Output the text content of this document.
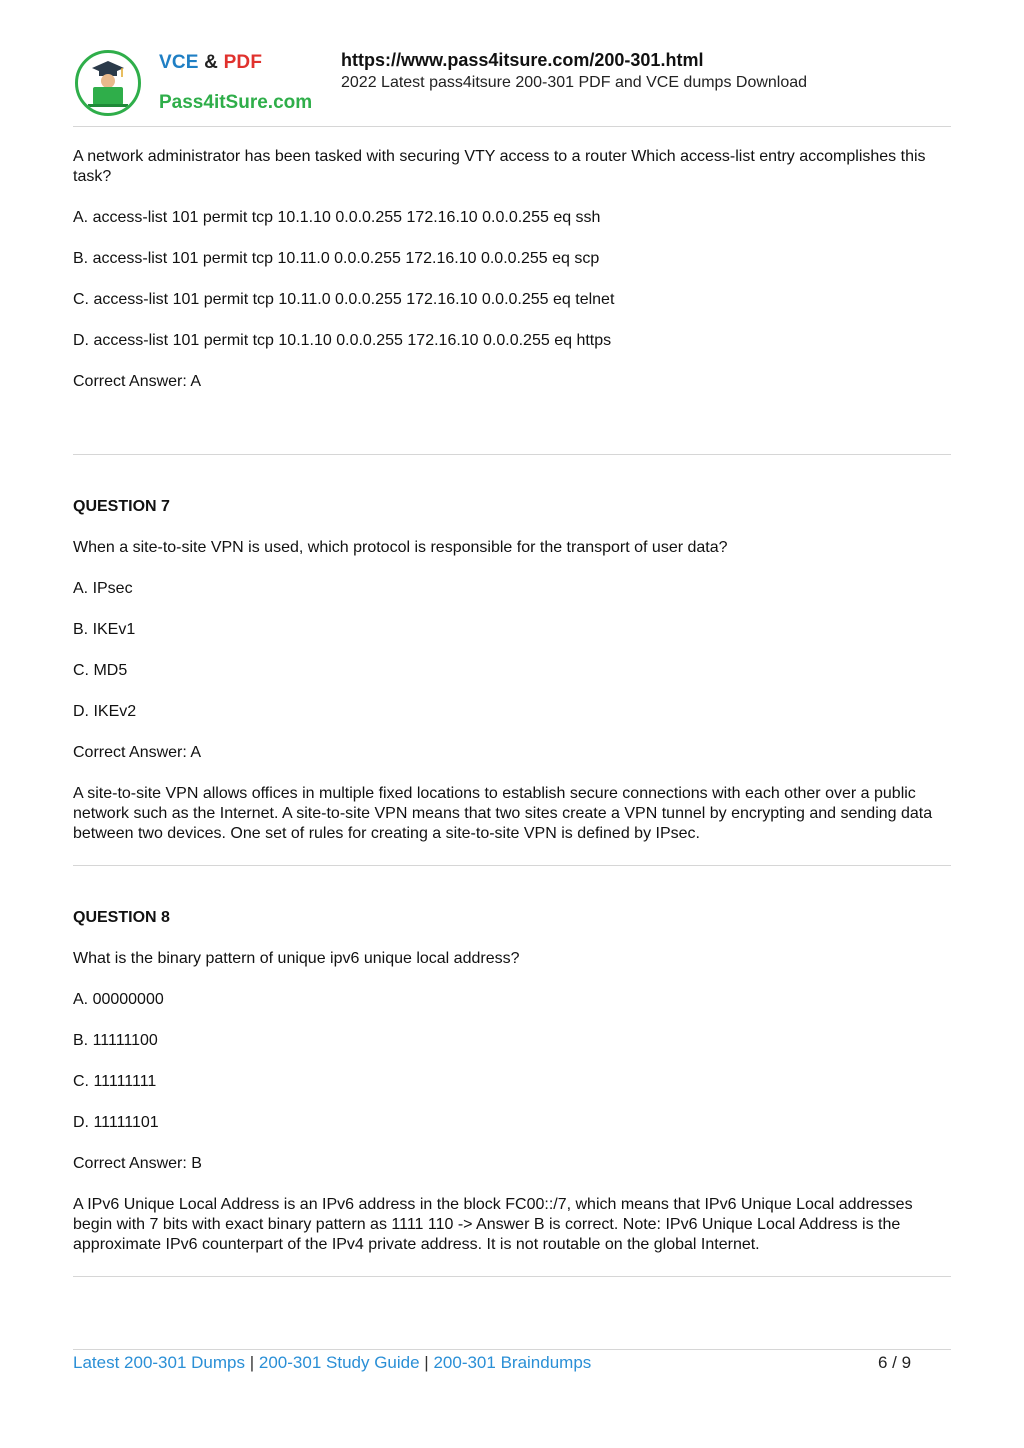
VCE & PDF
Pass4itSure.com
https://www.pass4itsure.com/200-301.html
2022 Latest pass4itsure 200-301 PDF and VCE dumps Download

A network administrator has been tasked with securing VTY access to a router Which access-list entry accomplishes this task?

A. access-list 101 permit tcp 10.1.10 0.0.0.255 172.16.10 0.0.0.255 eq ssh

B. access-list 101 permit tcp 10.11.0 0.0.0.255 172.16.10 0.0.0.255 eq scp

C. access-list 101 permit tcp 10.11.0 0.0.0.255 172.16.10 0.0.0.255 eq telnet

D. access-list 101 permit tcp 10.1.10 0.0.0.255 172.16.10 0.0.0.255 eq https

Correct Answer: A

QUESTION 7

When a site-to-site VPN is used, which protocol is responsible for the transport of user data?

A. IPsec

B. IKEv1

C. MD5

D. IKEv2

Correct Answer: A

A site-to-site VPN allows offices in multiple fixed locations to establish secure connections with each other over a public network such as the Internet. A site-to-site VPN means that two sites create a VPN tunnel by encrypting and sending data between two devices. One set of rules for creating a site-to-site VPN is defined by IPsec.

QUESTION 8

What is the binary pattern of unique ipv6 unique local address?

A. 00000000

B. 11111100

C. 11111111

D. 11111101

Correct Answer: B

A IPv6 Unique Local Address is an IPv6 address in the block FC00::/7, which means that IPv6 Unique Local addresses begin with 7 bits with exact binary pattern as 1111 110 -> Answer B is correct. Note: IPv6 Unique Local Address is the approximate IPv6 counterpart of the IPv4 private address. It is not routable on the global Internet.

Latest 200-301 Dumps | 200-301 Study Guide | 200-301 Braindumps	6 / 9
